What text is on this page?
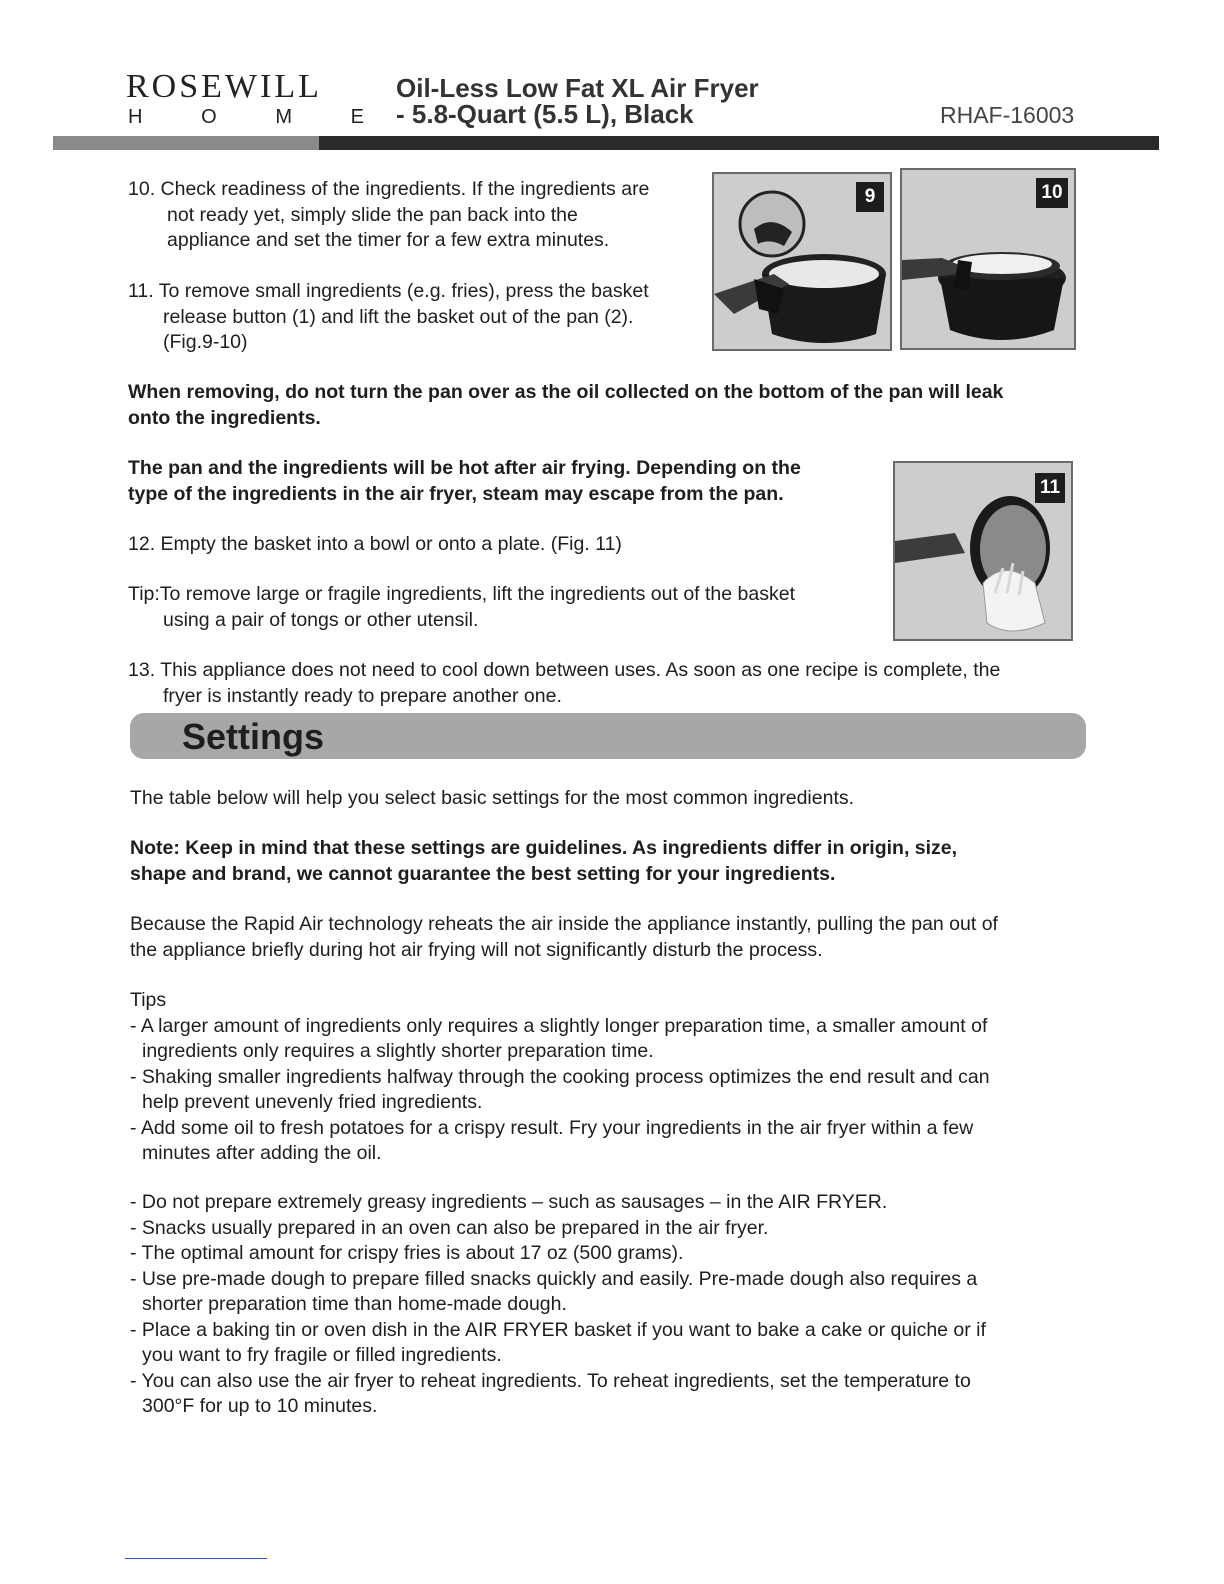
ROSEWILL
H	O	M	E
Oil-Less Low Fat XL Air Fryer
- 5.8-Quart (5.5 L), Black	RHAF-16003
10. Check readiness of the ingredients. If the ingredients are
not ready yet, simply slide the pan back into the
appliance and set the timer for a few extra minutes.
11. To remove small ingredients (e.g. fries), press the basket
release button (1) and lift the basket out of the pan (2).
(Fig.9-10)
9	10
When removing, do not turn the pan over as the oil collected on the bottom of the pan will leak
onto the ingredients.
The pan and the ingredients will be hot after air frying. Depending on the
type of the ingredients in the air fryer, steam may escape from the pan.
12. Empty the basket into a bowl or onto a plate. (Fig. 11)
Tip:To remove large or fragile ingredients, lift the ingredients out of the basket
using a pair of tongs or other utensil.
11
13. This appliance does not need to cool down between uses. As soon as one recipe is complete, the
fryer is instantly ready to prepare another one.
Settings
The table below will help you select basic settings for the most common ingredients.
Note: Keep in mind that these settings are guidelines. As ingredients differ in origin, size,
shape and brand, we cannot guarantee the best setting for your ingredients.
Because the Rapid Air technology reheats the air inside the appliance instantly, pulling the pan out of
the appliance briefly during hot air frying will not significantly disturb the process.
Tips
- A larger amount of ingredients only requires a slightly longer preparation time, a smaller amount of
ingredients only requires a slightly shorter preparation time.
- Shaking smaller ingredients halfway through the cooking process optimizes the end result and can
help prevent unevenly fried ingredients.
- Add some oil to fresh potatoes for a crispy result. Fry your ingredients in the air fryer within a few
minutes after adding the oil.
- Do not prepare extremely greasy ingredients – such as sausages – in the AIR FRYER.
- Snacks usually prepared in an oven can also be prepared in the air fryer.
- The optimal amount for crispy fries is about 17 oz (500 grams).
- Use pre-made dough to prepare filled snacks quickly and easily. Pre-made dough also requires a
shorter preparation time than home-made dough.
- Place a baking tin or oven dish in the AIR FRYER basket if you want to bake a cake or quiche or if
you want to fry fragile or filled ingredients.
- You can also use the air fryer to reheat ingredients. To reheat ingredients, set the temperature to
300°F for up to 10 minutes.
